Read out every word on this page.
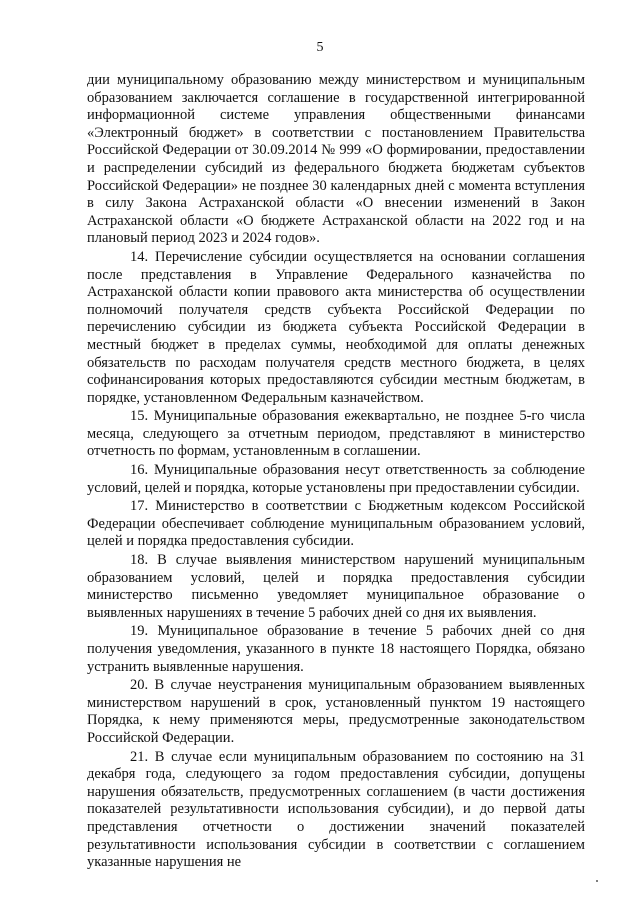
5

дии муниципальному образованию между министерством и муниципальным образованием заключается соглашение в государственной интегрированной информационной системе управления общественными финансами «Электронный бюджет» в соответствии с постановлением Правительства Российской Федерации от 30.09.2014 № 999 «О формировании, предоставлении и распределении субсидий из федерального бюджета бюджетам субъектов Российской Федерации» не позднее 30 календарных дней с момента вступления в силу Закона Астраханской области «О внесении изменений в Закон Астраханской области «О бюджете Астраханской области на 2022 год и на плановый период 2023 и 2024 годов».

14. Перечисление субсидии осуществляется на основании соглашения после представления в Управление Федерального казначейства по Астраханской области копии правового акта министерства об осуществлении полномочий получателя средств субъекта Российской Федерации по перечислению субсидии из бюджета субъекта Российской Федерации в местный бюджет в пределах суммы, необходимой для оплаты денежных обязательств по расходам получателя средств местного бюджета, в целях софинансирования которых предоставляются субсидии местным бюджетам, в порядке, установленном Федеральным казначейством.

15. Муниципальные образования ежеквартально, не позднее 5-го числа месяца, следующего за отчетным периодом, представляют в министерство отчетность по формам, установленным в соглашении.

16. Муниципальные образования несут ответственность за соблюдение условий, целей и порядка, которые установлены при предоставлении субсидии.

17. Министерство в соответствии с Бюджетным кодексом Российской Федерации обеспечивает соблюдение муниципальным образованием условий, целей и порядка предоставления субсидии.

18. В случае выявления министерством нарушений муниципальным образованием условий, целей и порядка предоставления субсидии министерство письменно уведомляет муниципальное образование о выявленных нарушениях в течение 5 рабочих дней со дня их выявления.

19. Муниципальное образование в течение 5 рабочих дней со дня получения уведомления, указанного в пункте 18 настоящего Порядка, обязано устранить выявленные нарушения.

20. В случае неустранения муниципальным образованием выявленных министерством нарушений в срок, установленный пунктом 19 настоящего Порядка, к нему применяются меры, предусмотренные законодательством Российской Федерации.

21. В случае если муниципальным образованием по состоянию на 31 декабря года, следующего за годом предоставления субсидии, допущены нарушения обязательств, предусмотренных соглашением (в части достижения показателей результативности использования субсидии), и до первой даты представления отчетности о достижении значений показателей результативности использования субсидии в соответствии с соглашением указанные нарушения не
